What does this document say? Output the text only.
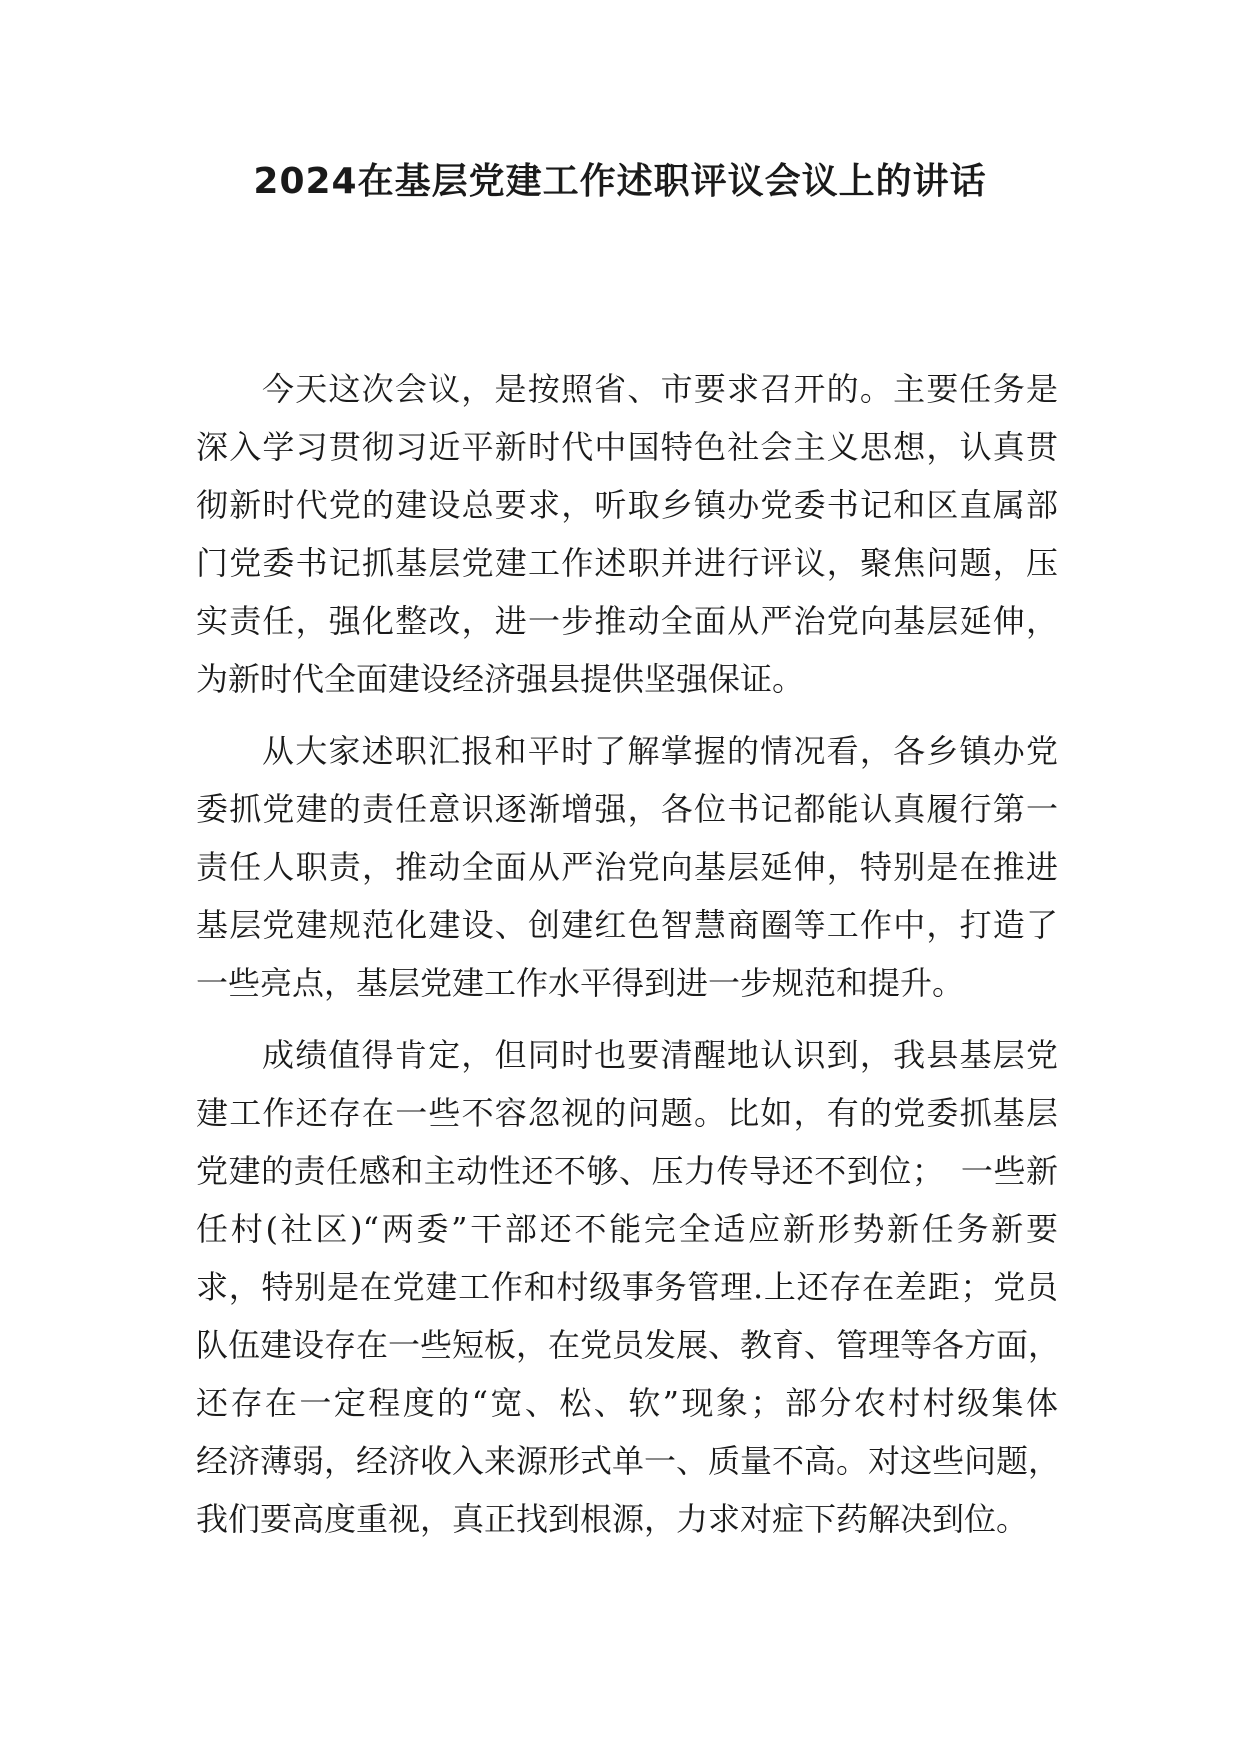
2024在基层党建工作述职评议会议上的讲话
今天这次会议，是按照省、市要求召开的。主要任务是
深入学习贯彻习近平新时代中国特色社会主义思想，认真贯
彻新时代党的建设总要求，听取乡镇办党委书记和区直属部
门党委书记抓基层党建工作述职并进行评议，聚焦问题，压
实责任，强化整改，进一步推动全面从严治党向基层延伸，
为新时代全面建设经济强县提供坚强保证。
从大家述职汇报和平时了解掌握的情况看，各乡镇办党
委抓党建的责任意识逐渐增强，各位书记都能认真履行第一
责任人职责，推动全面从严治党向基层延伸，特别是在推进
基层党建规范化建设、创建红色智慧商圈等工作中，打造了
一些亮点，基层党建工作水平得到进一步规范和提升。
成绩值得肯定，但同时也要清醒地认识到，我县基层党
建工作还存在一些不容忽视的问题。比如，有的党委抓基层
党建的责任感和主动性还不够、压力传导还不到位；　一些新
任村(社区)“两委”干部还不能完全适应新形势新任务新要
求，特别是在党建工作和村级事务管理.上还存在差距；党员
队伍建设存在一些短板，在党员发展、教育、管理等各方面，
还存在一定程度的“宽、松、软”现象；部分农村村级集体
经济薄弱，经济收入来源形式单一、质量不高。对这些问题，
我们要高度重视，真正找到根源，力求对症下药解决到位。
